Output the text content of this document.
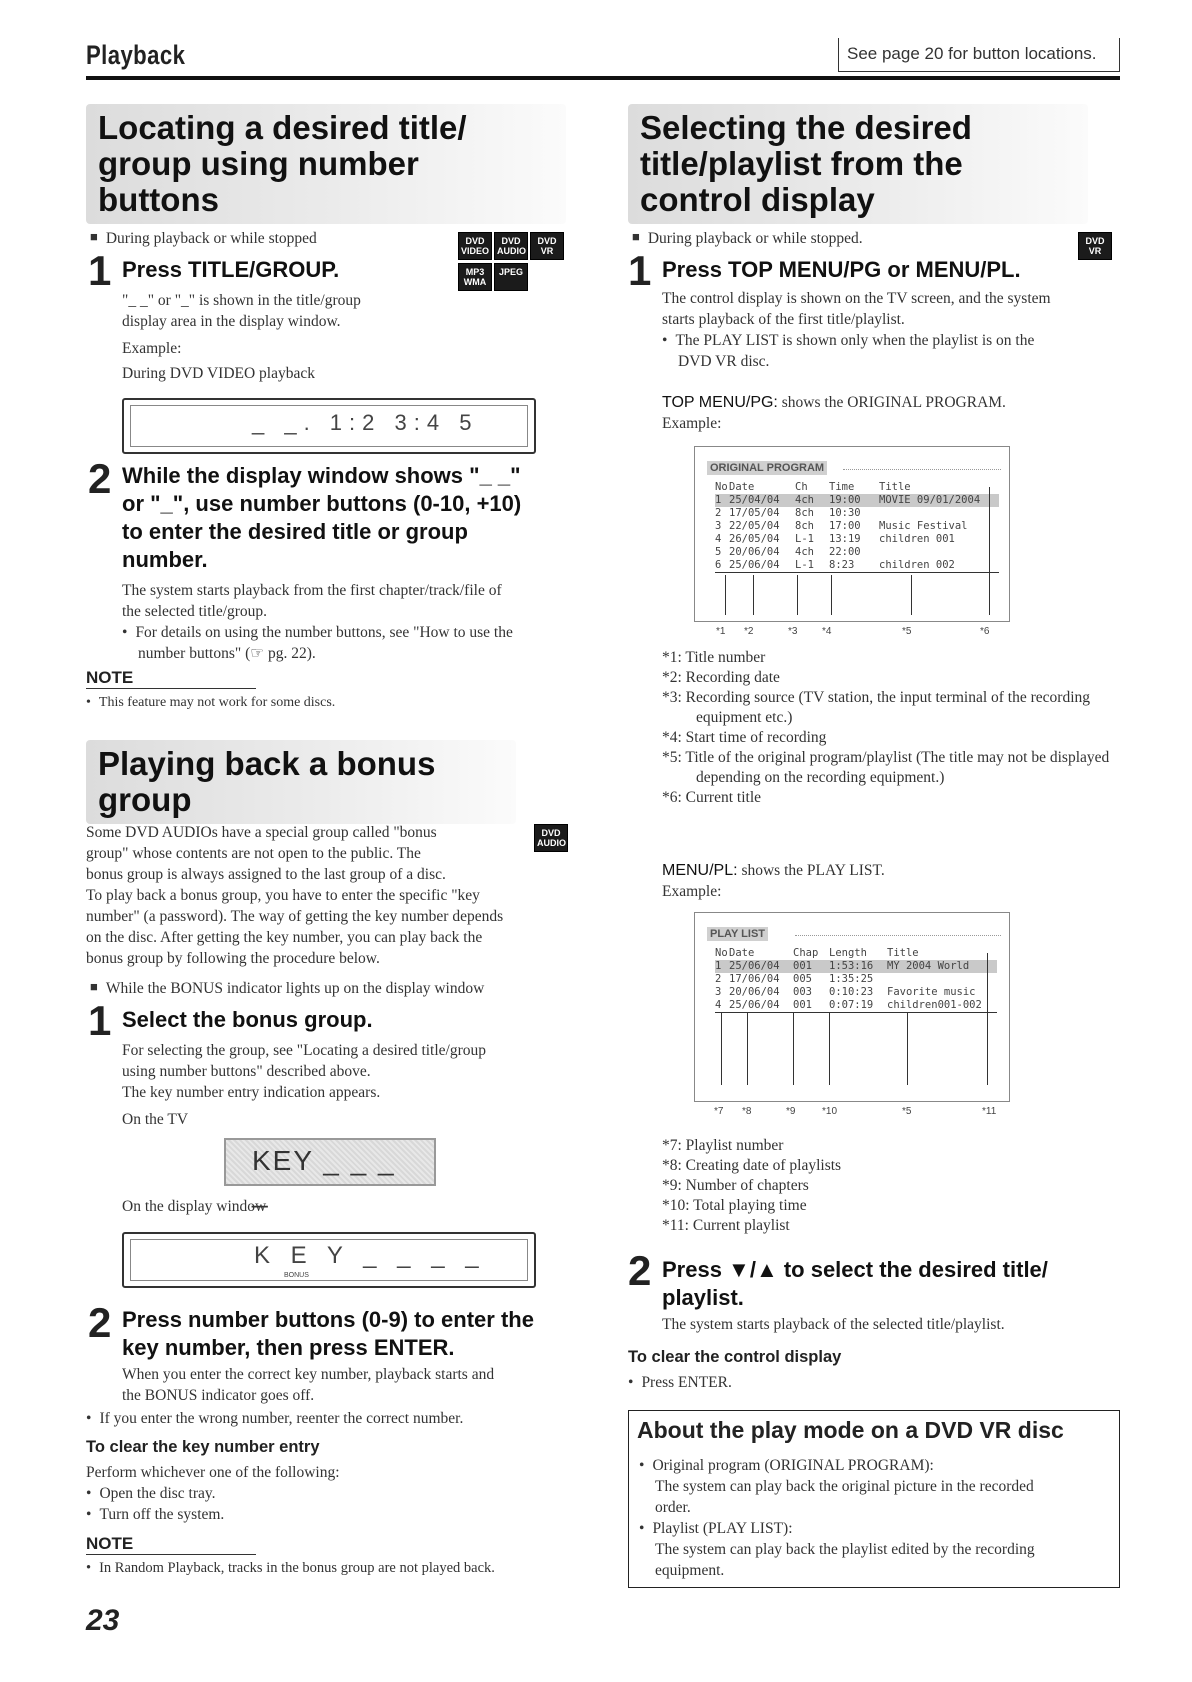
Playback	See page 20 for button locations.
Locating a desired title/
group using number
buttons
■ During playback or while stopped	DVD VIDEO
DVD AUDIO
DVD VR
MP3 WMA
JPEG
1 Press TITLE/GROUP.
"_ _" or "_" is shown in the title/group
display area in the display window.
Example:
During DVD VIDEO playback
_ _. 1:2 3:4 5
2 While the display window shows "_ _"
or "_", use number buttons (0-10, +10)
to enter the desired title or group
number.
The system starts playback from the first chapter/track/file of
the selected title/group.
• For details on using the number buttons, see "How to use the
number buttons" (☞ pg. 22).
NOTE
• This feature may not work for some discs.
Playing back a bonus
group
DVD AUDIO
Some DVD AUDIOs have a special group called "bonus
group" whose contents are not open to the public. The
bonus group is always assigned to the last group of a disc.
To play back a bonus group, you have to enter the specific "key
number" (a password). The way of getting the key number depends
on the disc. After getting the key number, you can play back the
bonus group by following the procedure below.
■ While the BONUS indicator lights up on the display window
1 Select the bonus group.
For selecting the group, see "Locating a desired title/group
using number buttons" described above.
The key number entry indication appears.
On the TV
KEY _ _ _ _
On the display window
K E Y _ _ _ _
BONUS
2 Press number buttons (0-9) to enter the
key number, then press ENTER.
When you enter the correct key number, playback starts and
the BONUS indicator goes off.
• If you enter the wrong number, reenter the correct number.
To clear the key number entry
Perform whichever one of the following:
• Open the disc tray.
• Turn off the system.
NOTE
• In Random Playback, tracks in the bonus group are not played back.
23
Selecting the desired
title/playlist from the
control display
■ During playback or while stopped.	DVD VR
1 Press TOP MENU/PG or MENU/PL.
The control display is shown on the TV screen, and the system
starts playback of the first title/playlist.
• The PLAY LIST is shown only when the playlist is on the
DVD VR disc.
TOP MENU/PG: shows the ORIGINAL PROGRAM.
Example:
ORIGINAL PROGRAM
No	Date	Ch	Time	Title
1	25/04/04	4ch	19:00	MOVIE 09/01/2004
2	17/05/04	8ch	10:30	
3	22/05/04	8ch	17:00	Music Festival
4	26/05/04	L-1	13:19	children 001
5	20/06/04	4ch	22:00	
6	25/06/04	L-1	8:23	children 002
*1	*2	*3	*4	*5	*6
*1: Title number
*2: Recording date
*3: Recording source (TV station, the input terminal of the recording equipment etc.)
*4: Start time of recording
*5: Title of the original program/playlist (The title may not be displayed depending on the recording equipment.)
*6: Current title
MENU/PL: shows the PLAY LIST.
Example:
PLAY LIST
No	Date	Chap	Length	Title
1	25/06/04	001	1:53:16	MY 2004 World
2	17/06/04	005	1:35:25	
3	20/06/04	003	0:10:23	Favorite music
4	25/06/04	001	0:07:19	children001-002
*7	*8	*9	*10	*5	*11
*7: Playlist number
*8: Creating date of playlists
*9: Number of chapters
*10: Total playing time
*11: Current playlist
2 Press ▼/▲ to select the desired title/
playlist.
The system starts playback of the selected title/playlist.
To clear the control display
• Press ENTER.
About the play mode on a DVD VR disc
• Original program (ORIGINAL PROGRAM):
The system can play back the original picture in the recorded
order.
• Playlist (PLAY LIST):
The system can play back the playlist edited by the recording
equipment.
